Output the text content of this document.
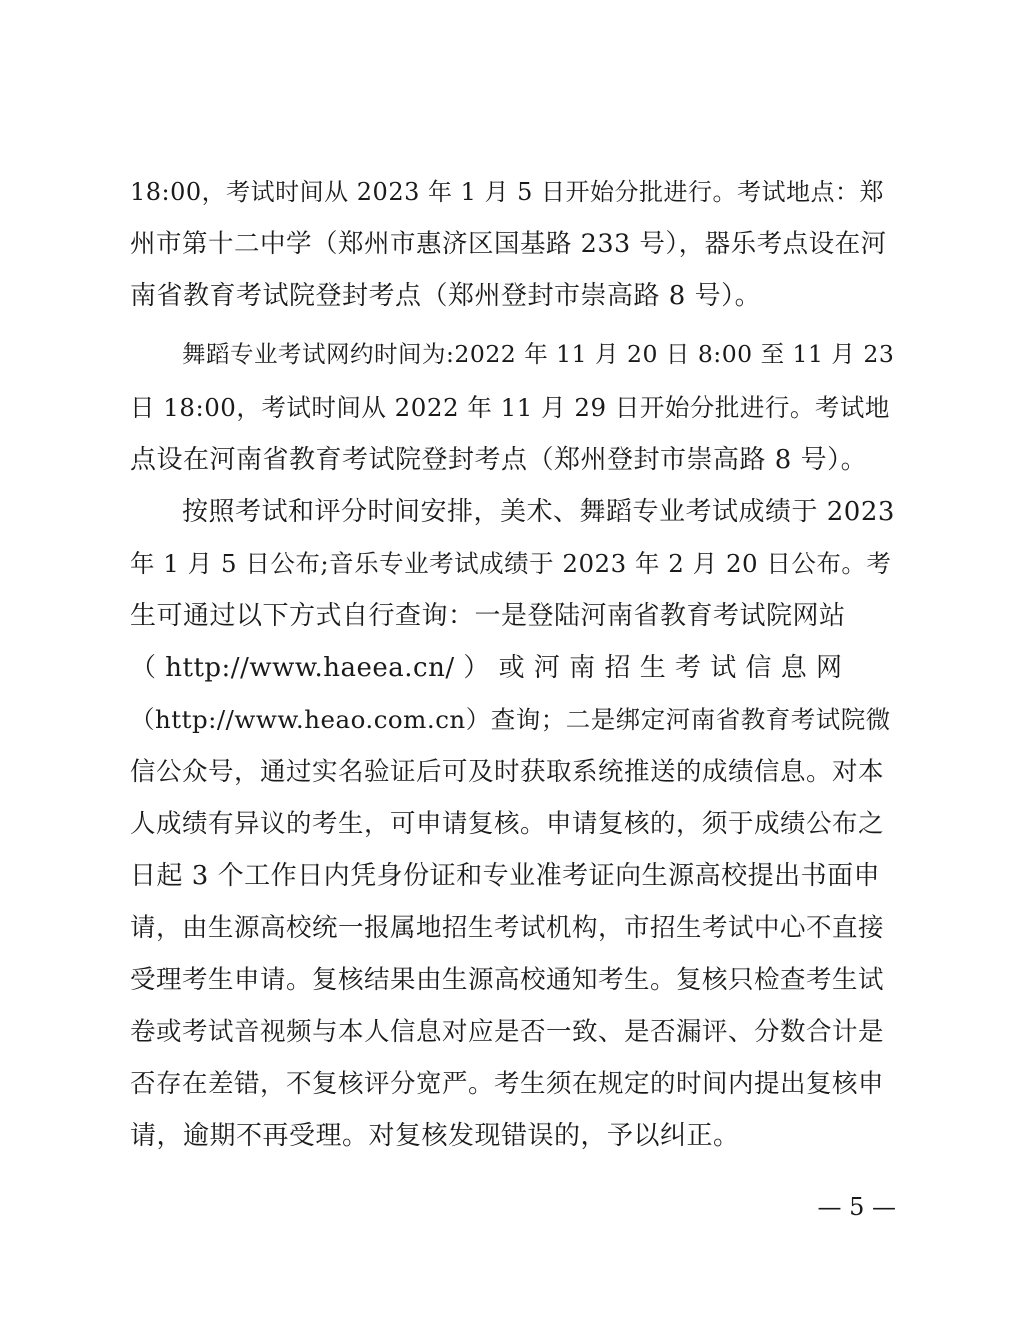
18:00，考试时间从 2023 年 1 月 5 日开始分批进行。考试地点：郑
州市第十二中学（郑州市惠济区国基路 233 号），器乐考点设在河
南省教育考试院登封考点（郑州登封市崇高路 8 号）。
舞蹈专业考试网约时间为:2022 年 11 月 20 日 8:00 至 11 月 23
日 18:00，考试时间从 2022 年 11 月 29 日开始分批进行。考试地
点设在河南省教育考试院登封考点（郑州登封市崇高路 8 号）。
按照考试和评分时间安排，美术、舞蹈专业考试成绩于 2023
年 1 月 5 日公布;音乐专业考试成绩于 2023 年 2 月 20 日公布。考
生可通过以下方式自行查询：一是登陆河南省教育考试院网站
（ http://www.haeea.cn/ ） 或 河 南 招 生 考 试 信 息 网
（http://www.heao.com.cn）查询；二是绑定河南省教育考试院微
信公众号，通过实名验证后可及时获取系统推送的成绩信息。对本
人成绩有异议的考生，可申请复核。申请复核的，须于成绩公布之
日起 3 个工作日内凭身份证和专业准考证向生源高校提出书面申
请，由生源高校统一报属地招生考试机构，市招生考试中心不直接
受理考生申请。复核结果由生源高校通知考生。复核只检查考生试
卷或考试音视频与本人信息对应是否一致、是否漏评、分数合计是
否存在差错，不复核评分宽严。考生须在规定的时间内提出复核申
请，逾期不再受理。对复核发现错误的，予以纠正。
— 5 —
